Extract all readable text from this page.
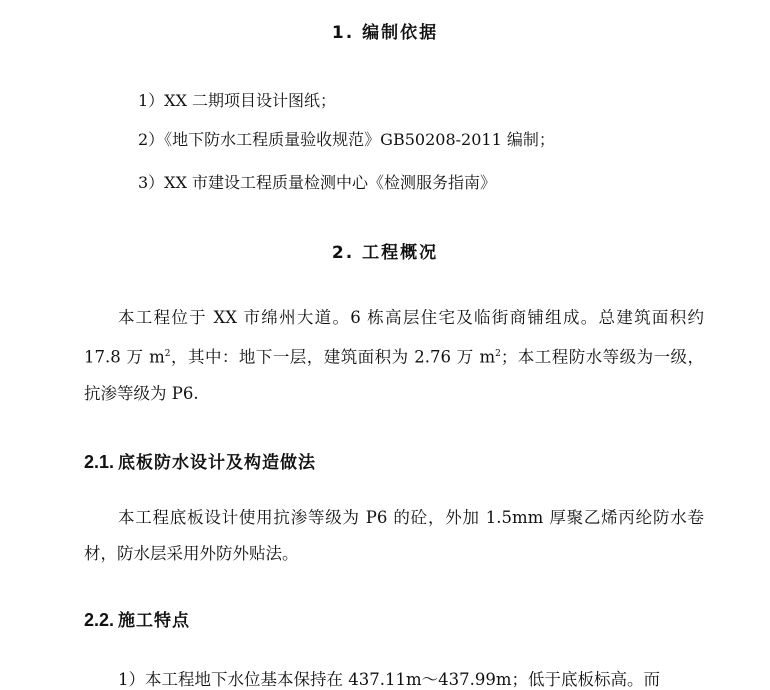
1. 编制依据
1）XX 二期项目设计图纸；
2）《地下防水工程质量验收规范》GB50208-2011 编制；
3）XX 市建设工程质量检测中心《检测服务指南》
2. 工程概况
本工程位于 XX 市绵州大道。6 栋高层住宅及临街商铺组成。总建筑面积约 17.8 万 $m^2$，其中：地下一层，建筑面积为 2.76 万 $m^2$；本工程防水等级为一级，抗渗等级为 P6.
2.1. 底板防水设计及构造做法
本工程底板设计使用抗渗等级为 P6 的砼，外加 1.5mm 厚聚乙烯丙纶防水卷材，防水层采用外防外贴法。
2.2. 施工特点
1）本工程地下水位基本保持在 437.11m～437.99m；低于底板标高。而
